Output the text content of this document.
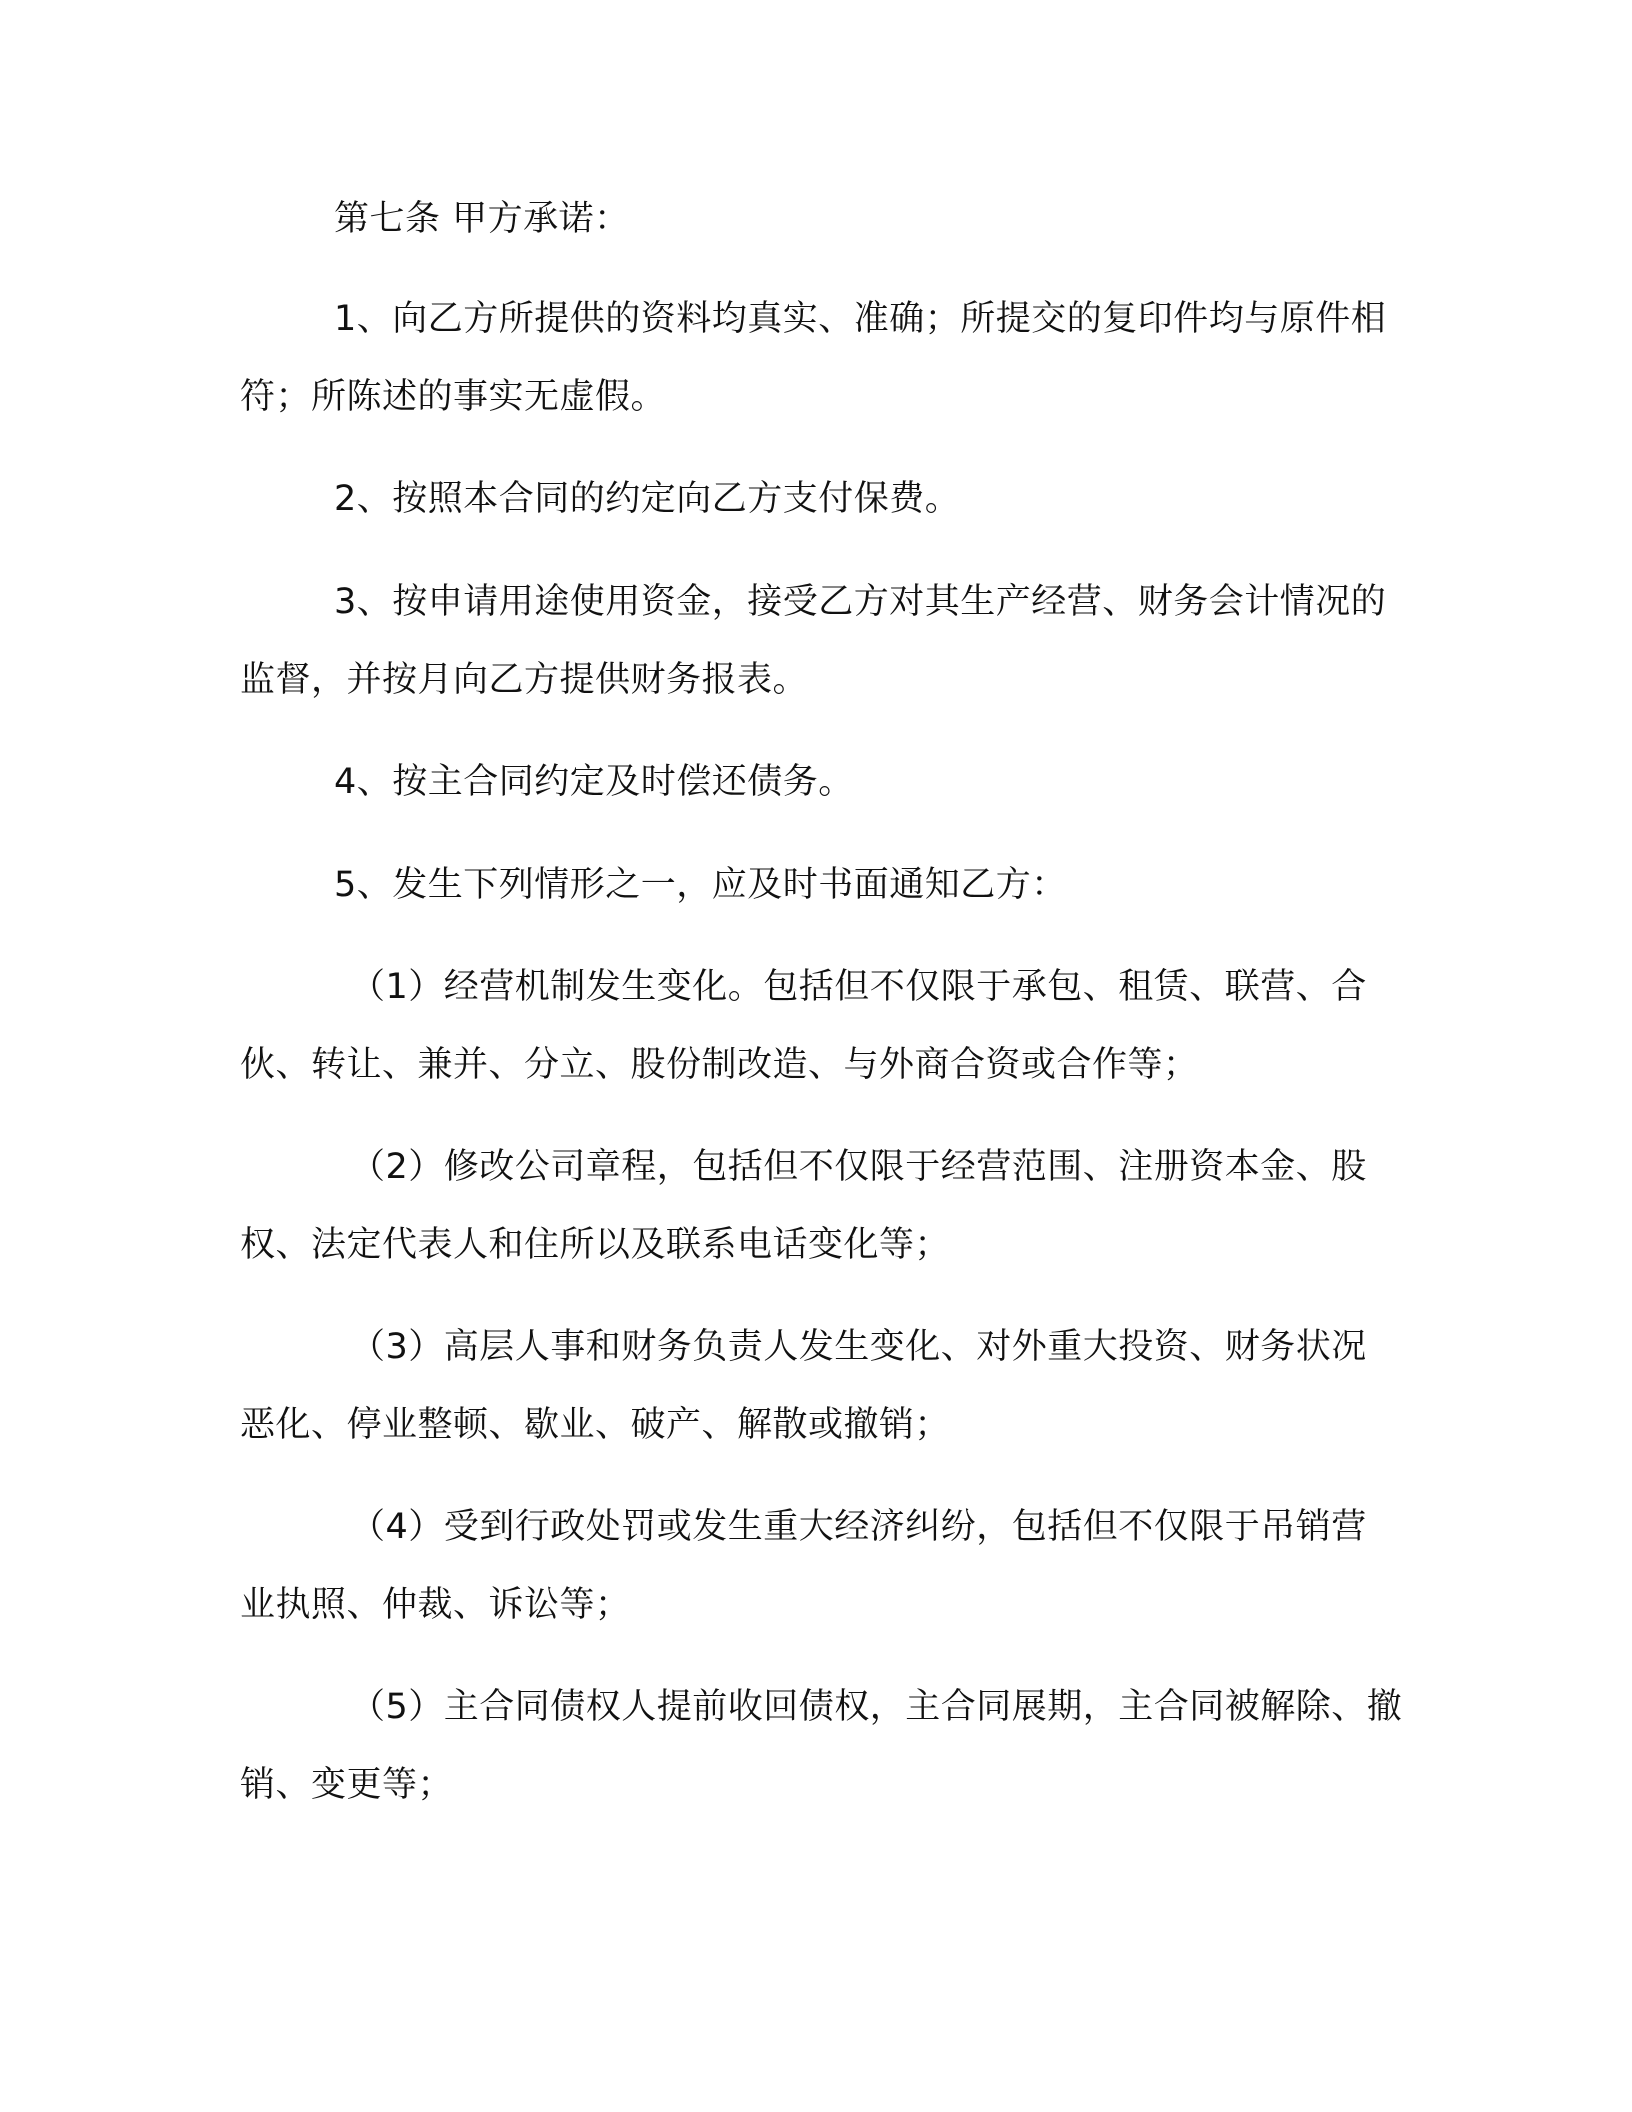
第七条 甲方承诺：

1、向乙方所提供的资料均真实、准确；所提交的复印件均与原件相符；所陈述的事实无虚假。

2、按照本合同的约定向乙方支付保费。

3、按申请用途使用资金，接受乙方对其生产经营、财务会计情况的监督，并按月向乙方提供财务报表。

4、按主合同约定及时偿还债务。

5、发生下列情形之一，应及时书面通知乙方：

（1）经营机制发生变化。包括但不仅限于承包、租赁、联营、合伙、转让、兼并、分立、股份制改造、与外商合资或合作等；

（2）修改公司章程，包括但不仅限于经营范围、注册资本金、股权、法定代表人和住所以及联系电话变化等；

（3）高层人事和财务负责人发生变化、对外重大投资、财务状况恶化、停业整顿、歇业、破产、解散或撤销；

（4）受到行政处罚或发生重大经济纠纷，包括但不仅限于吊销营业执照、仲裁、诉讼等；

（5）主合同债权人提前收回债权，主合同展期，主合同被解除、撤销、变更等；
